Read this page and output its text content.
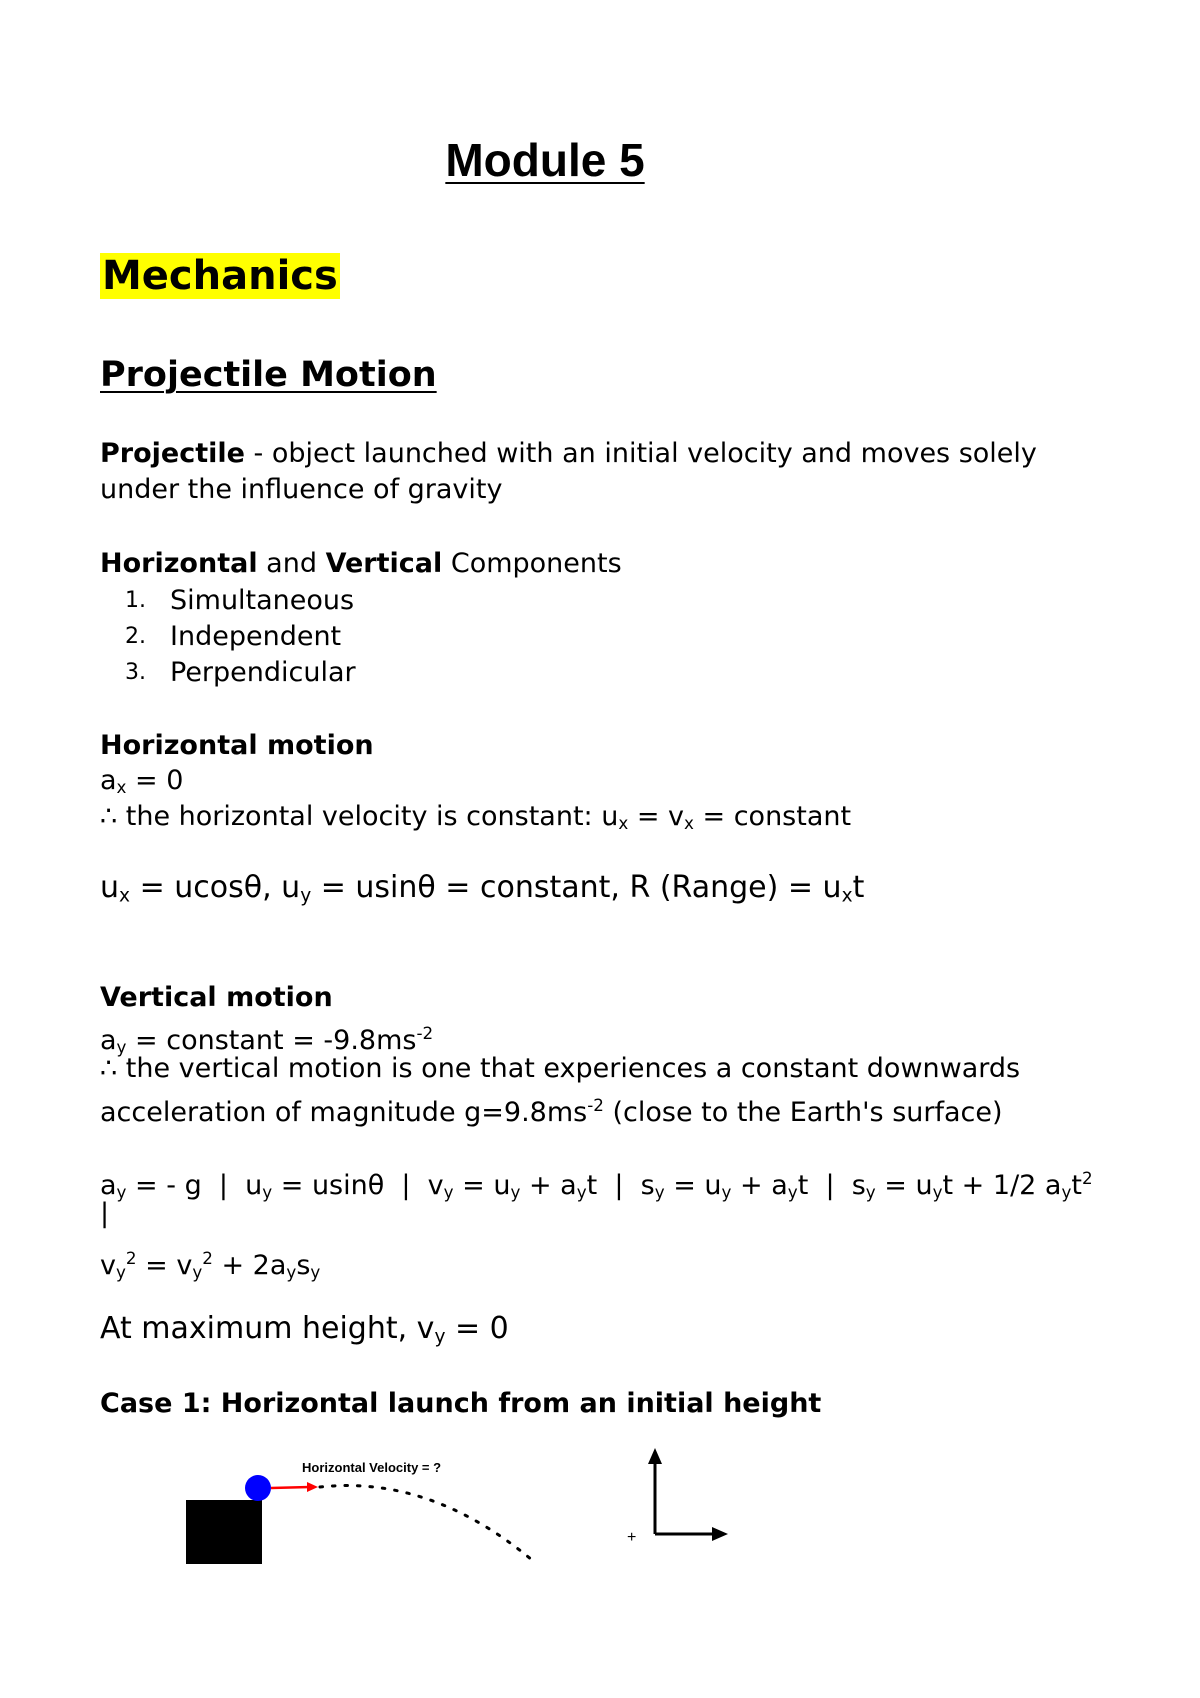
Module 5
Mechanics
Projectile Motion

Projectile - object launched with an initial velocity and moves solely under the influence of gravity

Horizontal and Vertical Components

1. Simultaneous
2. Independent
3. Perpendicular

Horizontal motion

$a_x = 0$

∴ the horizontal velocity is constant: $u_x = v_x$ = constant

$u_x = ucos\theta$, $u_y = usin\theta$ = constant, R (Range) = $u_xt$

Vertical motion

$a_y$ = constant = $-9.8ms^{-2}$

∴ the vertical motion is one that experiences a constant downwards

acceleration of magnitude $g=9.8ms^{-2}$ (close to the Earth's surface)

$a_y$ = - g  |  $u_y = usin\theta$  |  $v_y = u_y + a_yt$  |  $s_y = u_y + a_yt$  |  $s_y = u_yt + 1/2$ $a_yt^2$

|

$v_y^2 = v_y^2 + 2a_ys_y$

At maximum height, $v_y = 0$

Case 1: Horizontal launch from an initial height

Horizontal Velocity = ?
+
